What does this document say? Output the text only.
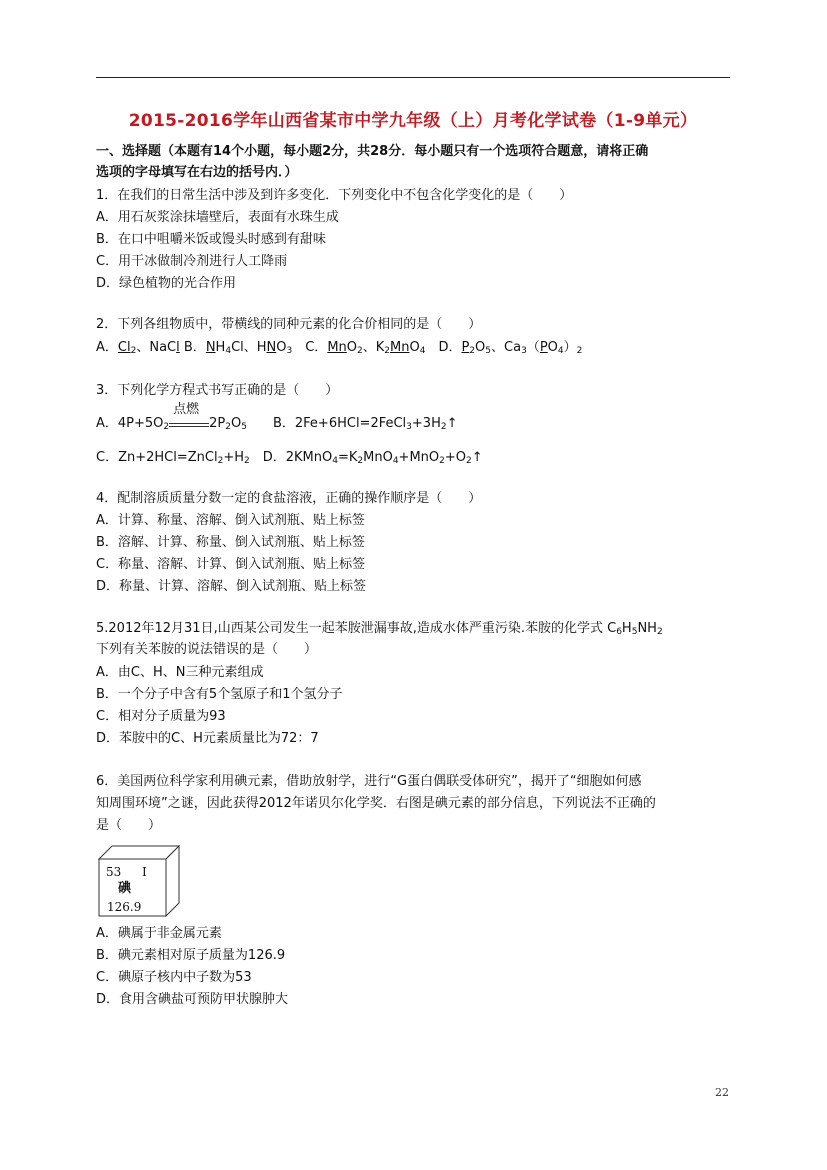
2015-2016学年山西省某市中学九年级（上）月考化学试卷（1-9单元）
一、选择题（本题有14个小题，每小题2分，共28分．每小题只有一个选项符合题意，请将正确
选项的字母填写在右边的括号内．）
1．在我们的日常生活中涉及到许多变化．下列变化中不包含化学变化的是（　　）
A．用石灰浆涂抹墙壁后，表面有水珠生成
B．在口中咀嚼米饭或馒头时感到有甜味
C．用干冰做制冷剂进行人工降雨
D．绿色植物的光合作用
2．下列各组物质中，带横线的同种元素的化合价相同的是（　　）
A．$Cl_2$、NaCl B．$NH_4Cl$、$HNO_3$　C．MnO$_2$、$K_2MnO_4$　D．$P_2O_5$、$Ca_3(PO_4)_2$
3．下列化学方程式书写正确的是（　　）
A．$4P+5O_2$
点燃
$2P_2O_5$　　B．$2Fe+6HCl=2FeCl_3+3H_2↑$
C．$Zn+2HCl=ZnCl_2+H_2$　D．$2KMnO_4=K_2MnO_4+MnO_2+O_2↑$
4．配制溶质质量分数一定的食盐溶液，正确的操作顺序是（　　）
A．计算、称量、溶解、倒入试剂瓶、贴上标签
B．溶解、计算、称量、倒入试剂瓶、贴上标签
C．称量、溶解、计算、倒入试剂瓶、贴上标签
D．称量、计算、溶解、倒入试剂瓶、贴上标签
5.2012年12月31日,山西某公司发生一起苯胺泄漏事故,造成水体严重污染.苯胺的化学式 $C_6H_5NH_2$
下列有关苯胺的说法错误的是（　　）
A．由C、H、N三种元素组成
B．一个分子中含有5个氢原子和1个氢分子
C．相对分子质量为93
D．苯胺中的C、H元素质量比为72：7
6．美国两位科学家利用碘元素，借助放射学，进行“G蛋白偶联受体研究”，揭开了“细胞如何感
知周围环境”之谜，因此获得2012年诺贝尔化学奖．右图是碘元素的部分信息，下列说法不正确的
是（　　）
53 I
碘
126.9
A．碘属于非金属元素
B．碘元素相对原子质量为126.9
C．碘原子核内中子数为53
D．食用含碘盐可预防甲状腺肿大
22
